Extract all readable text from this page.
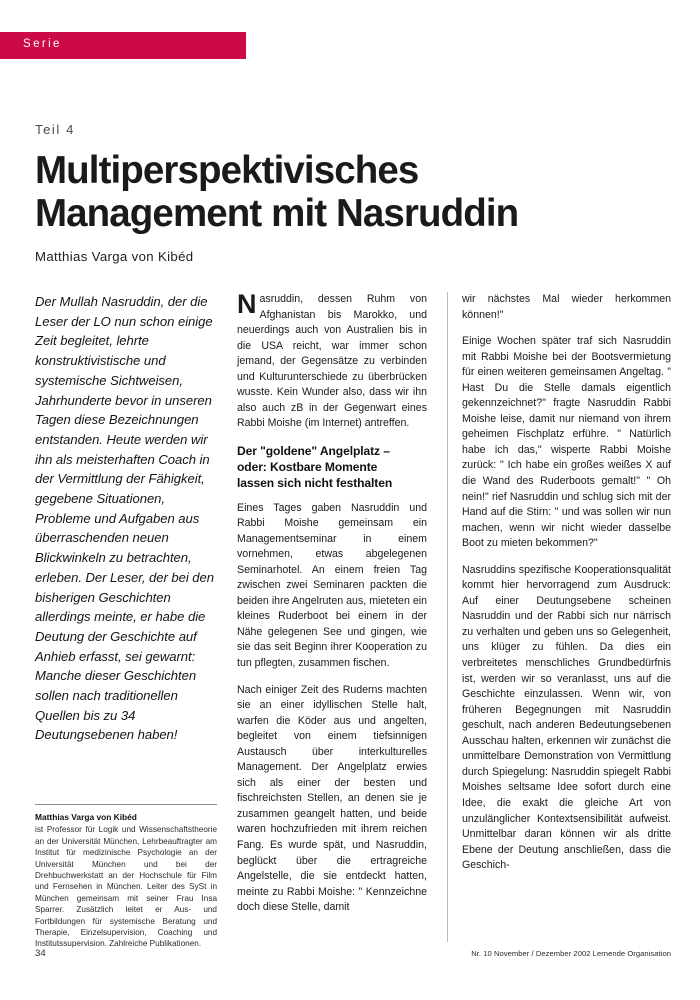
Serie
Teil 4
Multiperspektivisches
Management mit Nasruddin
Matthias Varga von Kibéd

Der Mullah Nasruddin, der die Leser der LO nun schon einige Zeit begleitet, lehrte konstruktivistische und systemische Sichtweisen, Jahrhunderte bevor in unseren Tagen diese Bezeichnungen entstanden. Heute werden wir ihn als meisterhaften Coach in der Vermittlung der Fähigkeit, gegebene Situationen, Probleme und Aufgaben aus überraschenden neuen Blickwinkeln zu betrachten, erleben. Der Leser, der bei den bisherigen Geschichten allerdings meinte, er habe die Deutung der Geschichte auf Anhieb erfasst, sei gewarnt: Manche dieser Geschichten sollen nach traditionellen Quellen bis zu 34 Deutungsebenen haben!

Matthias Varga von Kibéd

ist Professor für Logik und Wissenschaftstheorie an der Universität München, Lehrbeauftragter am Institut für medizinische Psychologie an der Universität München und bei der Drehbuchwerkstatt an der Hochschule für Film und Fernsehen in München. Leiter des SySt in München gemeinsam mit seiner Frau Insa Sparrer. Zusätzlich leitet er Aus- und Fortbildungen für systemische Beratung und Therapie, Einzelsupervision, Coaching und Institutssupervision. Zahlreiche Publikationen.

Nasruddin, dessen Ruhm von Afghanistan bis Marokko, und neuerdings auch von Australien bis in die USA reicht, war immer schon jemand, der Gegensätze zu verbinden und Kulturunterschiede zu überbrücken wusste. Kein Wunder also, dass wir ihn also auch zB in der Gegenwart eines Rabbi Moishe (im Internet) antreffen.

Der "goldene" Angelplatz –
oder: Kostbare Momente
lassen sich nicht festhalten

Eines Tages gaben Nasruddin und Rabbi Moishe gemeinsam ein Managementseminar in einem vornehmen, etwas abgelegenen Seminarhotel. An einem freien Tag zwischen zwei Seminaren packten die beiden ihre Angelruten aus, mieteten ein kleines Ruderboot bei einem in der Nähe gelegenen See und gingen, wie sie das seit Beginn ihrer Kooperation zu tun pflegten, zusammen fischen.

Nach einiger Zeit des Ruderns machten sie an einer idyllischen Stelle halt, warfen die Köder aus und angelten, begleitet von einem tiefsinnigen Austausch über interkulturelles Management. Der Angelplatz erwies sich als einer der besten und fischreichsten Stellen, an denen sie je zusammen geangelt hatten, und beide waren hochzufrieden mit ihrem reichen Fang. Es wurde spät, und Nasruddin, beglückt über die ertragreiche Angelstelle, die sie entdeckt hatten, meinte zu Rabbi Moishe: " Kennzeichne doch diese Stelle, damit

wir nächstes Mal wieder herkommen können!"

Einige Wochen später traf sich Nasruddin mit Rabbi Moishe bei der Bootsvermietung für einen weiteren gemeinsamen Angeltag. " Hast Du die Stelle damals eigentlich gekennzeichnet?" fragte Nasruddin Rabbi Moishe leise, damit nur niemand von ihrem geheimen Fischplatz erführe. " Natürlich habe ich das," wisperte Rabbi Moishe zurück: " Ich habe ein großes weißes X auf die Wand des Ruderboots gemalt!" " Oh nein!" rief Nasruddin und schlug sich mit der Hand auf die Stirn: " und was sollen wir nun machen, wenn wir nicht wieder dasselbe Boot zu mieten bekommen?"

Nasruddins spezifische Kooperationsqualität kommt hier hervorragend zum Ausdruck: Auf einer Deutungsebene scheinen Nasruddin und der Rabbi sich nur närrisch zu verhalten und geben uns so Gelegenheit, uns klüger zu fühlen. Da dies ein verbreitetes menschliches Grundbedürfnis ist, werden wir so veranlasst, uns auf die Geschichte einzulassen. Wenn wir, von früheren Begegnungen mit Nasruddin geschult, nach anderen Bedeutungsebenen Ausschau halten, erkennen wir zunächst die unmittelbare Demonstration von Vermittlung durch Spiegelung: Nasruddin spiegelt Rabbi Moishes seltsame Idee sofort durch eine Idee, die exakt die gleiche Art von unzulänglicher Kontextsensibilität aufweist. Unmittelbar daran können wir als dritte Ebene der Deutung anschließen, dass die Geschich-

34	Nr. 10 November / Dezember 2002 Lernende Organisation
